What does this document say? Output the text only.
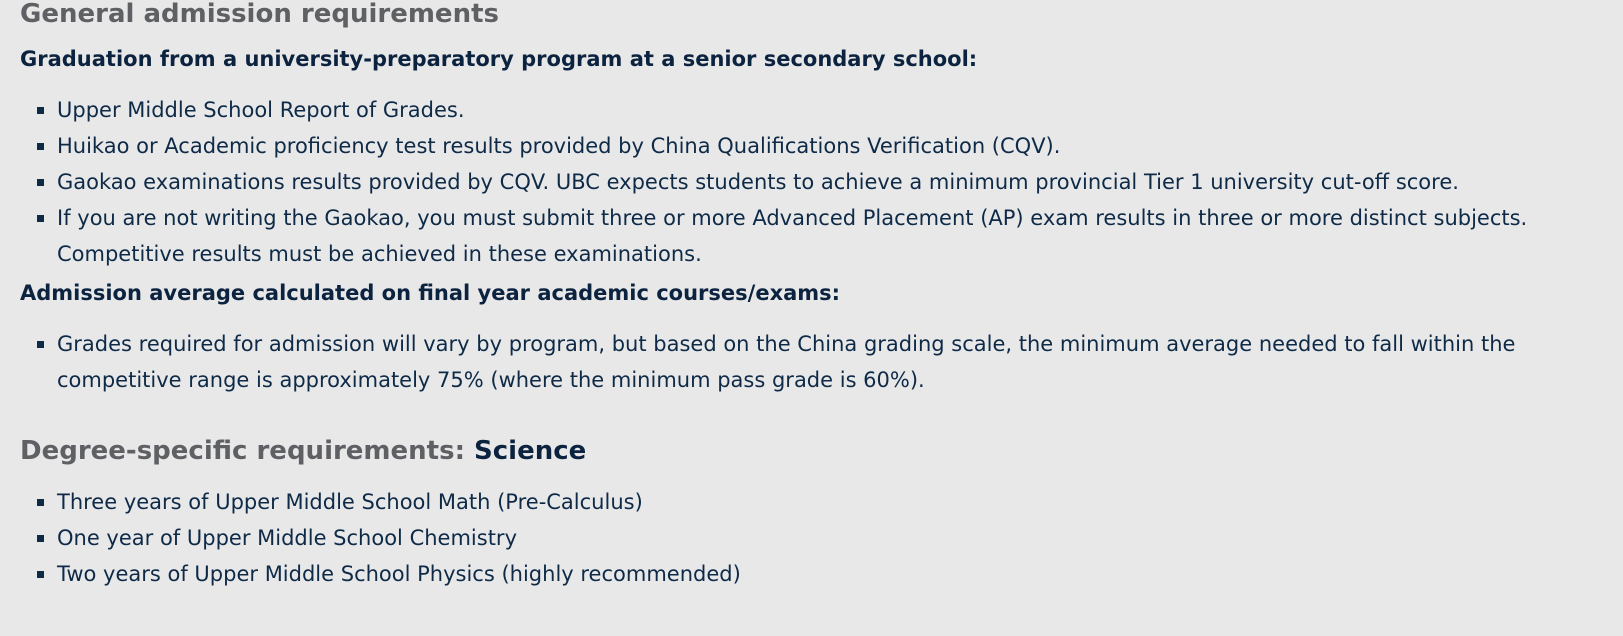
General admission requirements
Graduation from a university-preparatory program at a senior secondary school:
Upper Middle School Report of Grades.
Huikao or Academic proficiency test results provided by China Qualifications Verification (CQV).
Gaokao examinations results provided by CQV. UBC expects students to achieve a minimum provincial Tier 1 university cut-off score.
If you are not writing the Gaokao, you must submit three or more Advanced Placement (AP) exam results in three or more distinct subjects. Competitive results must be achieved in these examinations.
Admission average calculated on final year academic courses/exams:
Grades required for admission will vary by program, but based on the China grading scale, the minimum average needed to fall within the competitive range is approximately 75% (where the minimum pass grade is 60%).
Degree-specific requirements: Science
Three years of Upper Middle School Math (Pre-Calculus)
One year of Upper Middle School Chemistry
Two years of Upper Middle School Physics (highly recommended)
